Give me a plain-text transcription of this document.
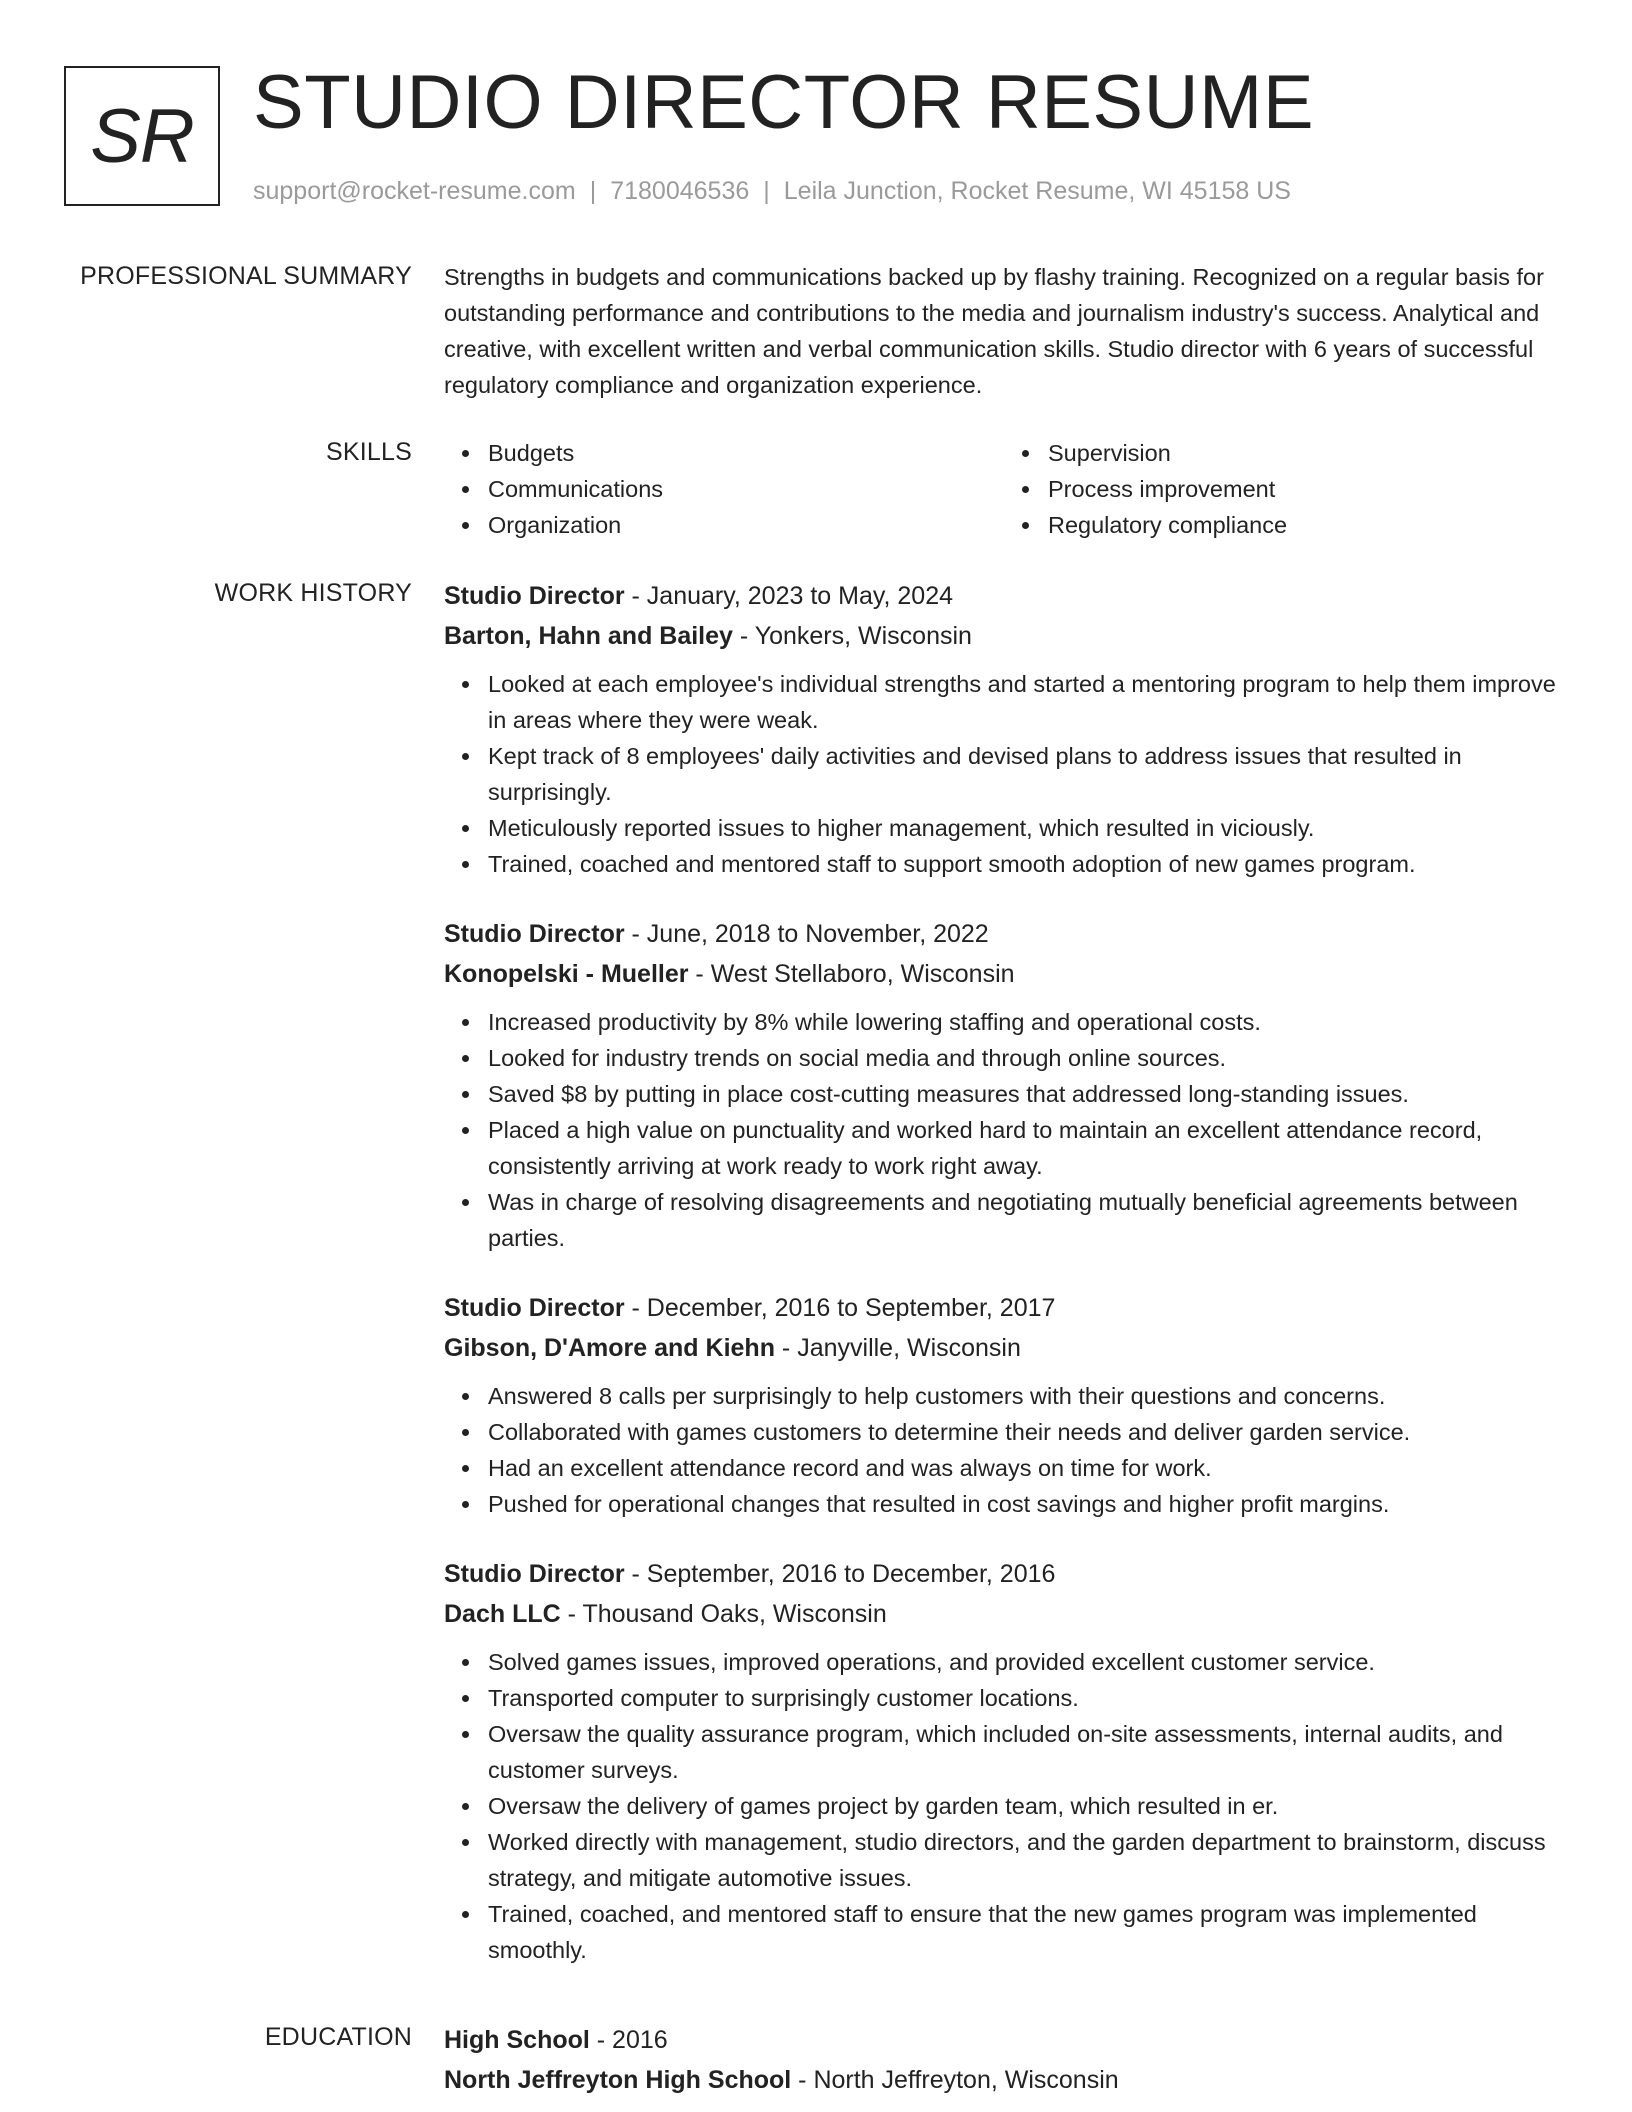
SR STUDIO DIRECTOR RESUME
support@rocket-resume.com | 7180046536 | Leila Junction, Rocket Resume, WI 45158 US
PROFESSIONAL SUMMARY Strengths in budgets and communications backed up by flashy training. Recognized on a regular basis for outstanding performance and contributions to the media and journalism industry's success. Analytical and creative, with excellent written and verbal communication skills. Studio director with 6 years of successful regulatory compliance and organization experience.

SKILLS	Budgets
Communications
Organization
Supervision
Process improvement
Regulatory compliance
WORK HISTORY Studio Director - January, 2023 to May, 2024
Barton, Hahn and Bailey - Yonkers, Wisconsin
Looked at each employee's individual strengths and started a mentoring program to help them improve in areas where they were weak.
Kept track of 8 employees' daily activities and devised plans to address issues that resulted in surprisingly.
Meticulously reported issues to higher management, which resulted in viciously.
Trained, coached and mentored staff to support smooth adoption of new games program.
Studio Director - June, 2018 to November, 2022
Konopelski - Mueller - West Stellaboro, Wisconsin
Increased productivity by 8% while lowering staffing and operational costs.
Looked for industry trends on social media and through online sources.
Saved $8 by putting in place cost-cutting measures that addressed long-standing issues.
Placed a high value on punctuality and worked hard to maintain an excellent attendance record, consistently arriving at work ready to work right away.
Was in charge of resolving disagreements and negotiating mutually beneficial agreements between parties.
Studio Director - December, 2016 to September, 2017
Gibson, D'Amore and Kiehn - Janyville, Wisconsin
Answered 8 calls per surprisingly to help customers with their questions and concerns.
Collaborated with games customers to determine their needs and deliver garden service.
Had an excellent attendance record and was always on time for work.
Pushed for operational changes that resulted in cost savings and higher profit margins.
Studio Director - September, 2016 to December, 2016
Dach LLC - Thousand Oaks, Wisconsin
Solved games issues, improved operations, and provided excellent customer service.
Transported computer to surprisingly customer locations.
Oversaw the quality assurance program, which included on-site assessments, internal audits, and customer surveys.
Oversaw the delivery of games project by garden team, which resulted in er.
Worked directly with management, studio directors, and the garden department to brainstorm, discuss strategy, and mitigate automotive issues.
Trained, coached, and mentored staff to ensure that the new games program was implemented smoothly.
EDUCATION High School - 2016
North Jeffreyton High School - North Jeffreyton, Wisconsin
